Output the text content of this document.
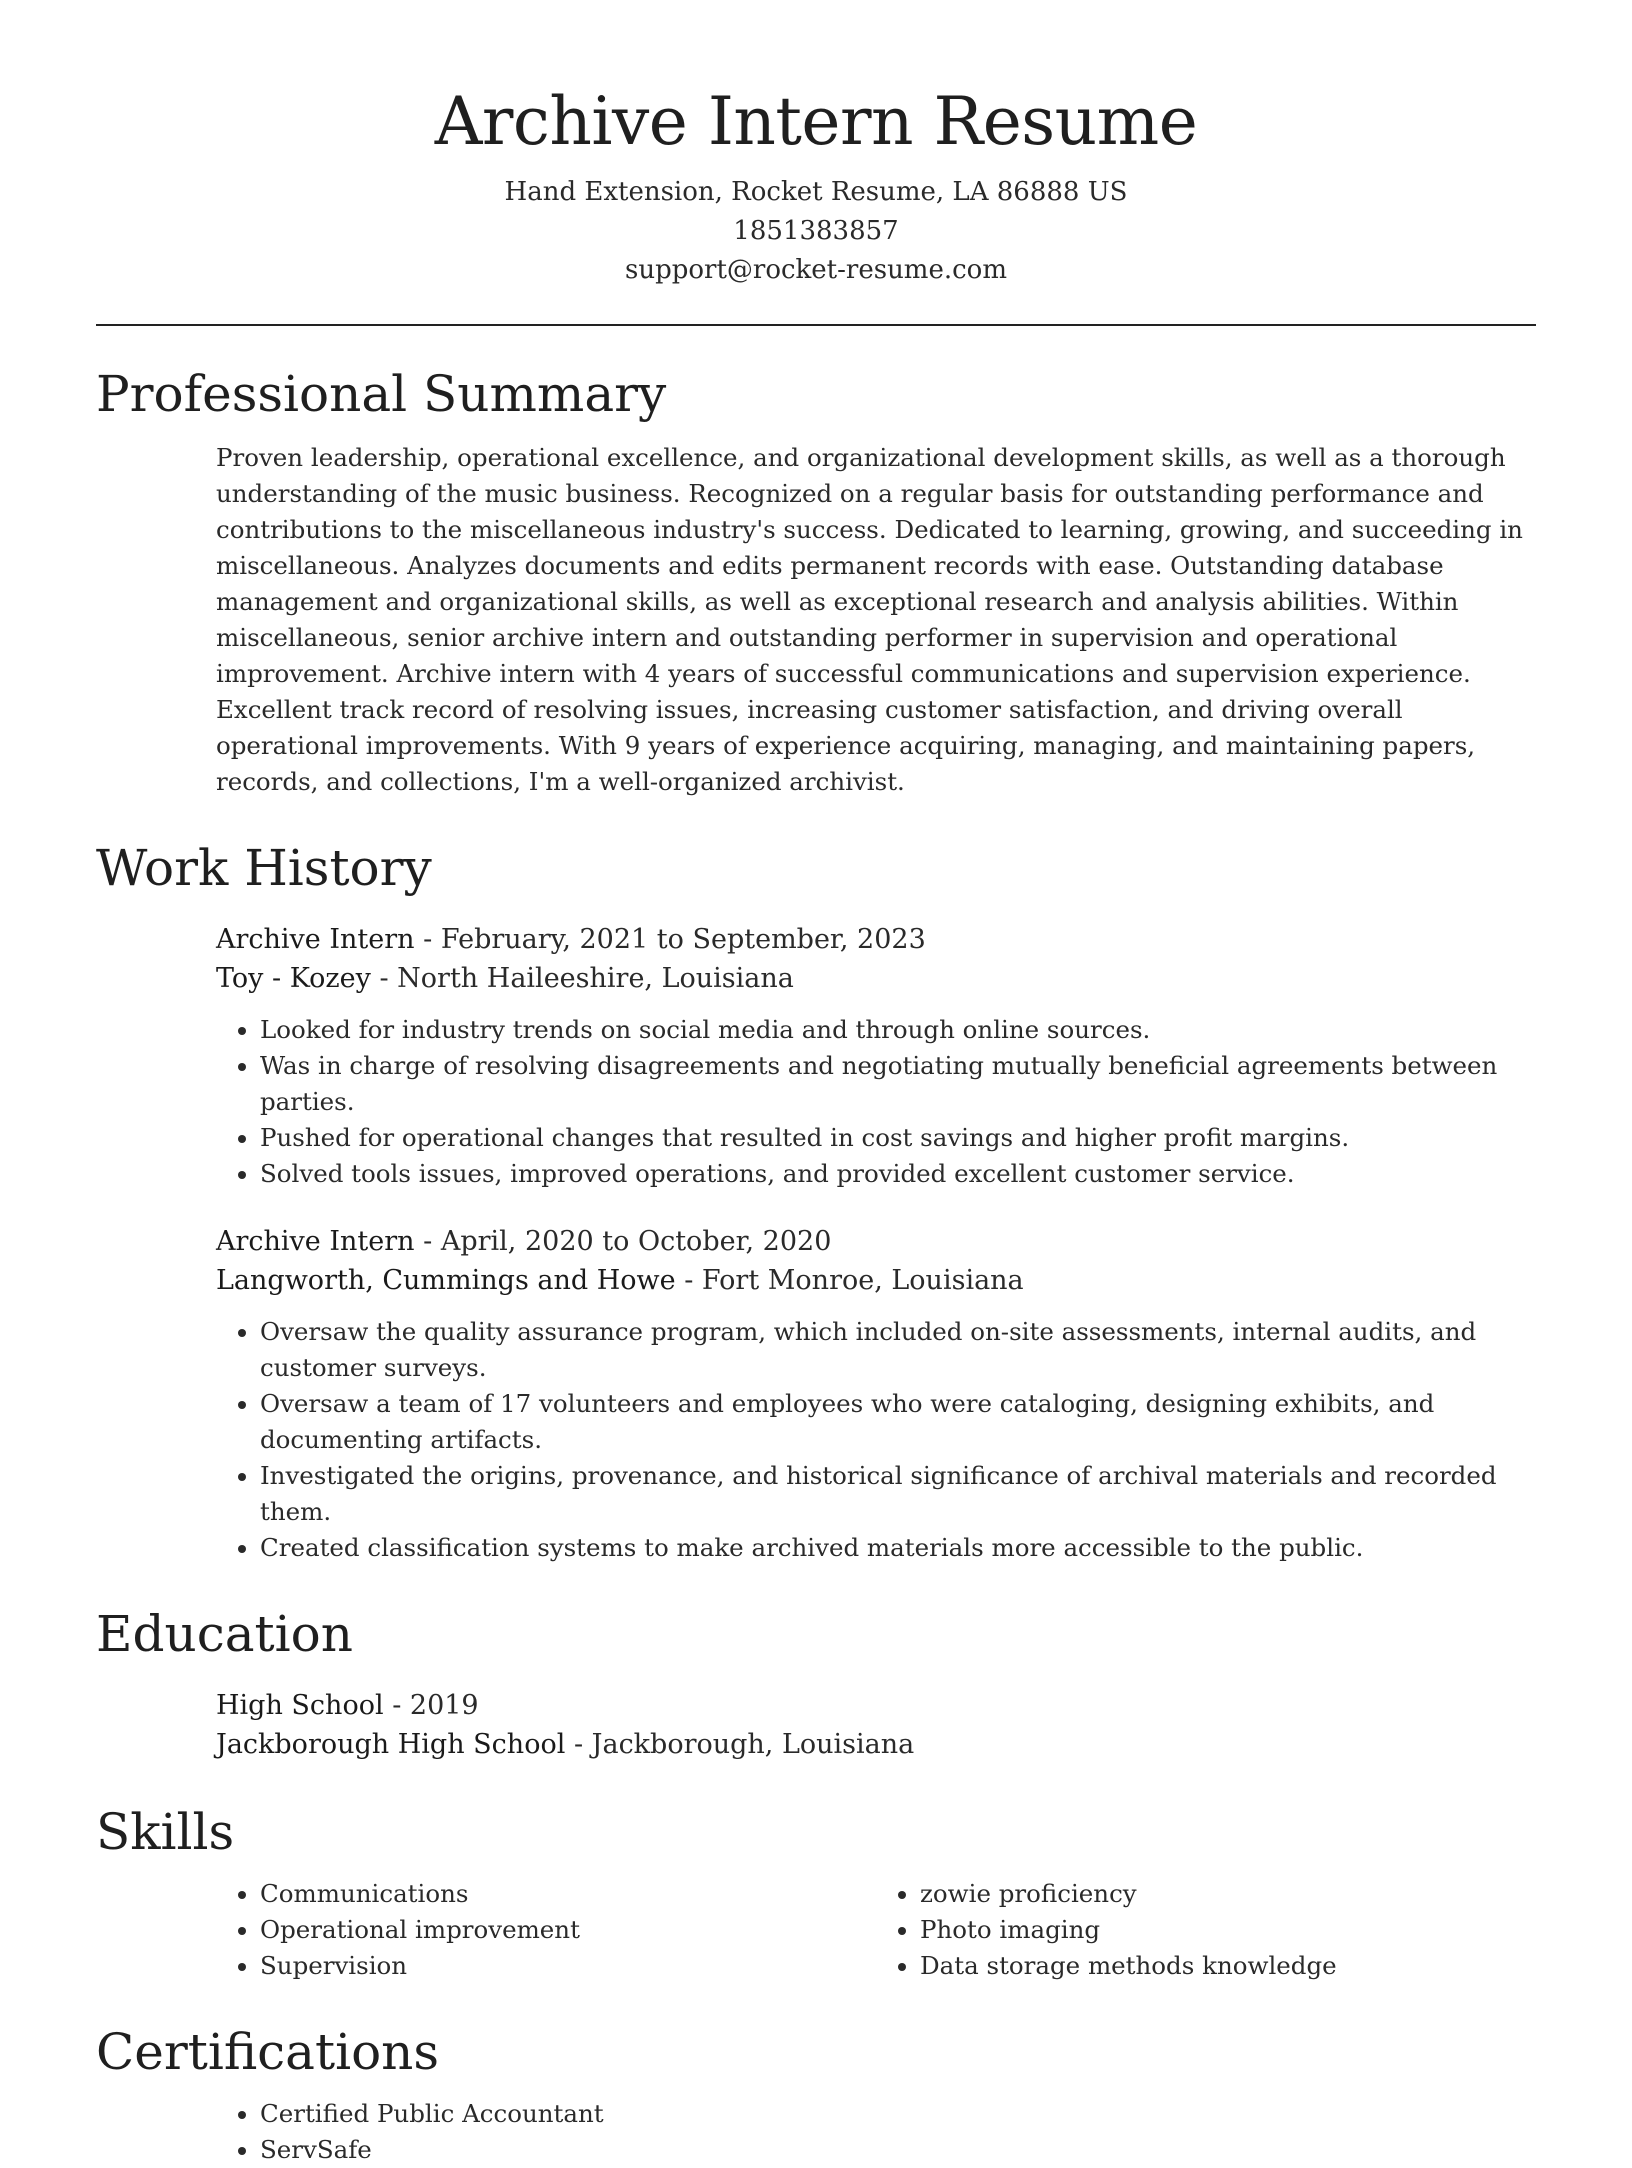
Archive Intern Resume
Hand Extension, Rocket Resume, LA 86888 US
1851383857
support@rocket-resume.com
Professional Summary
Proven leadership, operational excellence, and organizational development skills, as well as a thorough understanding of the music business. Recognized on a regular basis for outstanding performance and contributions to the miscellaneous industry's success. Dedicated to learning, growing, and succeeding in miscellaneous. Analyzes documents and edits permanent records with ease. Outstanding database management and organizational skills, as well as exceptional research and analysis abilities. Within miscellaneous, senior archive intern and outstanding performer in supervision and operational improvement. Archive intern with 4 years of successful communications and supervision experience. Excellent track record of resolving issues, increasing customer satisfaction, and driving overall operational improvements. With 9 years of experience acquiring, managing, and maintaining papers, records, and collections, I'm a well-organized archivist.
Work History
Archive Intern - February, 2021 to September, 2023
Toy - Kozey - North Haileeshire, Louisiana
• Looked for industry trends on social media and through online sources.
• Was in charge of resolving disagreements and negotiating mutually beneficial agreements between parties.
• Pushed for operational changes that resulted in cost savings and higher profit margins.
• Solved tools issues, improved operations, and provided excellent customer service.
Archive Intern - April, 2020 to October, 2020
Langworth, Cummings and Howe - Fort Monroe, Louisiana
• Oversaw the quality assurance program, which included on-site assessments, internal audits, and customer surveys.
• Oversaw a team of 17 volunteers and employees who were cataloging, designing exhibits, and documenting artifacts.
• Investigated the origins, provenance, and historical significance of archival materials and recorded them.
• Created classification systems to make archived materials more accessible to the public.
Education
High School - 2019
Jackborough High School - Jackborough, Louisiana
Skills
• Communications
• Operational improvement
• Supervision
• zowie proficiency
• Photo imaging
• Data storage methods knowledge
Certifications
• Certified Public Accountant
• ServSafe
